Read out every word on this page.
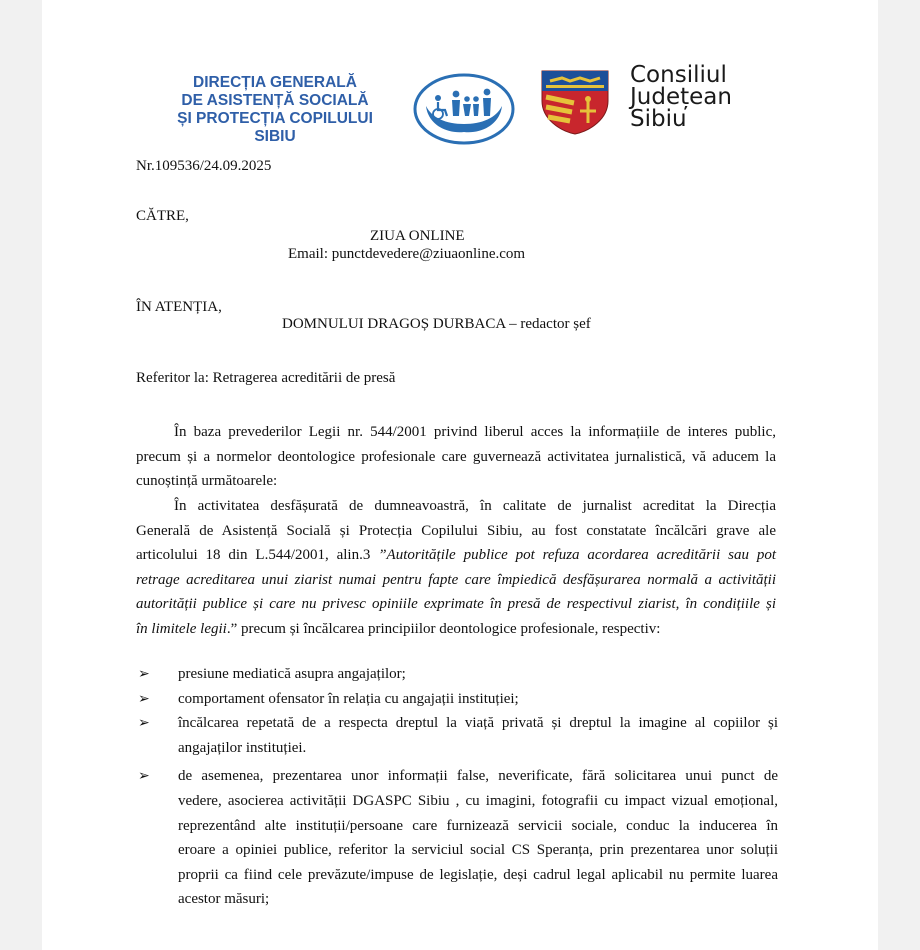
DIRECȚIA GENERALĂ
DE ASISTENȚĂ SOCIALĂ
ȘI PROTECȚIA COPILULUI
SIBIU
Consiliul
Județean
Sibiu
Nr.109536/24.09.2025
CĂTRE,
ZIUA ONLINE
Email: punctdevedere@ziuaonline.com
ÎN ATENȚIA,
DOMNULUI DRAGOȘ DURBACA – redactor șef
Referitor la: Retragerea acreditării de presă
În baza prevederilor Legii nr. 544/2001 privind liberul acces la informațiile de interes public,
precum și a normelor deontologice profesionale care guvernează activitatea jurnalistică, vă aducem la
cunoștință următoarele:
În activitatea desfășurată de dumneavoastră, în calitate de jurnalist acreditat la Direcția
Generală de Asistență Socială și Protecția Copilului Sibiu, au fost constatate încălcări grave ale
articolului 18 din L.544/2001, alin.3 ”Autoritățile publice pot refuza acordarea acreditării sau pot
retrage acreditarea unui ziarist numai pentru fapte care împiedică desfășurarea normală a activității
autorității publice și care nu privesc opiniile exprimate în presă de respectivul ziarist, în condițiile și
în limitele legii.” precum și încălcarea principiilor deontologice profesionale, respectiv:
➢	presiune mediatică asupra angajaților;
➢	comportament ofensator în relația cu angajații instituției;
➢	încălcarea repetată de a respecta dreptul la viață privată și dreptul la imagine al copiilor și
angajaților instituției.
➢	de asemenea, prezentarea unor informații false, neverificate, fără solicitarea unui punct de
vedere, asocierea activității DGASPC Sibiu , cu imagini, fotografii cu impact vizual emoțional,
reprezentând alte instituții/persoane care furnizează servicii sociale, conduc la inducerea în
eroare a opiniei publice, referitor la serviciul social CS Speranța, prin prezentarea unor soluții
proprii ca fiind cele prevăzute/impuse de legislație, deși cadrul legal aplicabil nu permite luarea
acestor măsuri;
